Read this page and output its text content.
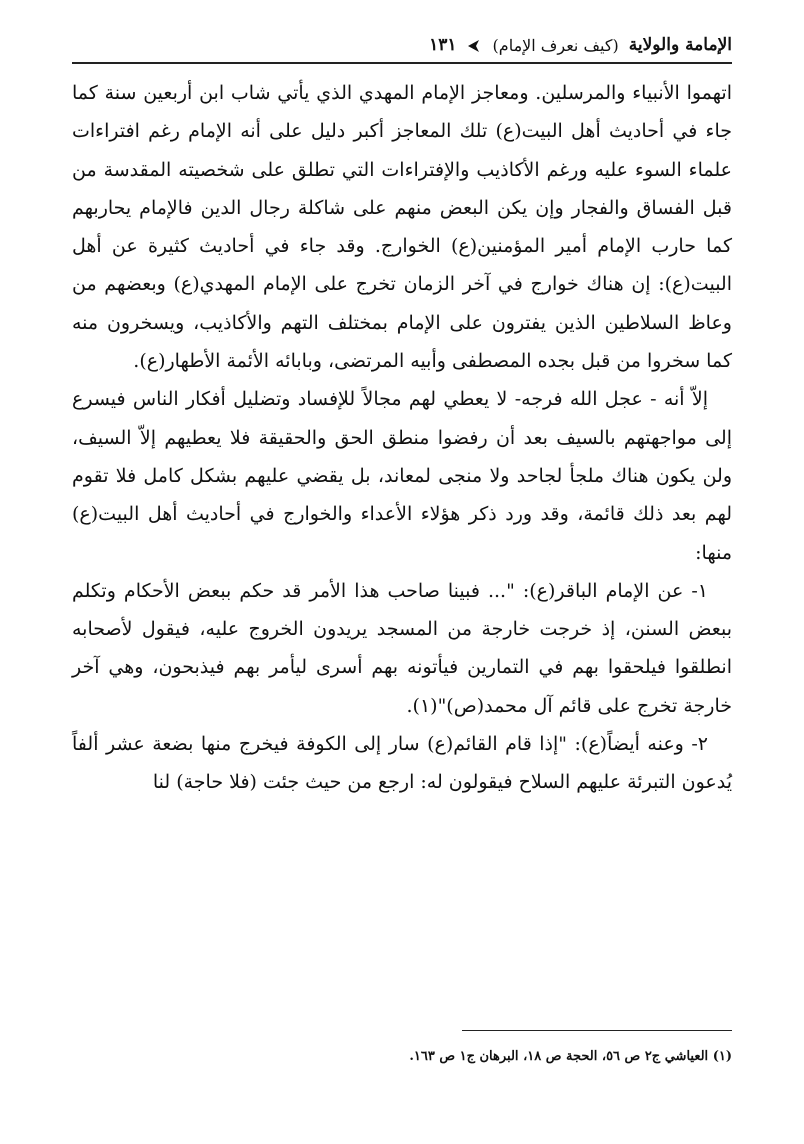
الإمامة والولاية
(كيف نعرف الإمام)
١٣١

اتهموا الأنبياء والمرسلين. ومعاجز الإمام المهدي الذي يأتي شاب ابن أربعين سنة كما جاء في أحاديث أهل البيت(ع) تلك المعاجز أكبر دليل على أنه الإمام رغم افتراءات علماء السوء عليه ورغم الأكاذيب والإفتراءات التي تطلق على شخصيته المقدسة من قبل الفساق والفجار وإن يكن البعض منهم على شاكلة رجال الدين فالإمام يحاربهم كما حارب الإمام أمير المؤمنين(ع) الخوارج. وقد جاء في أحاديث كثيرة عن أهل البيت(ع): إن هناك خوارج في آخر الزمان تخرج على الإمام المهدي(ع) وبعضهم من وعاظ السلاطين الذين يفترون على الإمام بمختلف التهم والأكاذيب، ويسخرون منه كما سخروا من قبل بجده المصطفى وأبيه المرتضى، وبابائه الأئمة الأطهار(ع).

إلاّ أنه - عجل الله فرجه- لا يعطي لهم مجالاً للإفساد وتضليل أفكار الناس فيسرع إلى مواجهتهم بالسيف بعد أن رفضوا منطق الحق والحقيقة فلا يعطيهم إلاّ السيف، ولن يكون هناك ملجأ لجاحد ولا منجى لمعاند، بل يقضي عليهم بشكل كامل فلا تقوم لهم بعد ذلك قائمة، وقد ورد ذكر هؤلاء الأعداء والخوارج في أحاديث أهل البيت(ع) منها:

١- عن الإمام الباقر(ع): "... فبينا صاحب هذا الأمر قد حكم ببعض الأحكام وتكلم ببعض السنن، إذ خرجت خارجة من المسجد يريدون الخروج عليه، فيقول لأصحابه انطلقوا فيلحقوا بهم في التمارين فيأتونه بهم أسرى ليأمر بهم فيذبحون، وهي آخر خارجة تخرج على قائم آل محمد(ص)"(١).

٢- وعنه أيضاً(ع): "إذا قام القائم(ع) سار إلى الكوفة فيخرج منها بضعة عشر ألفاً يُدعون التبرئة عليهم السلاح فيقولون له: ارجع من حيث جئت (فلا حاجة) لنا

(١) العياشي ج٢ ص ٥٦، الحجة ص ١٨، البرهان ج١ ص ١٦٣.
